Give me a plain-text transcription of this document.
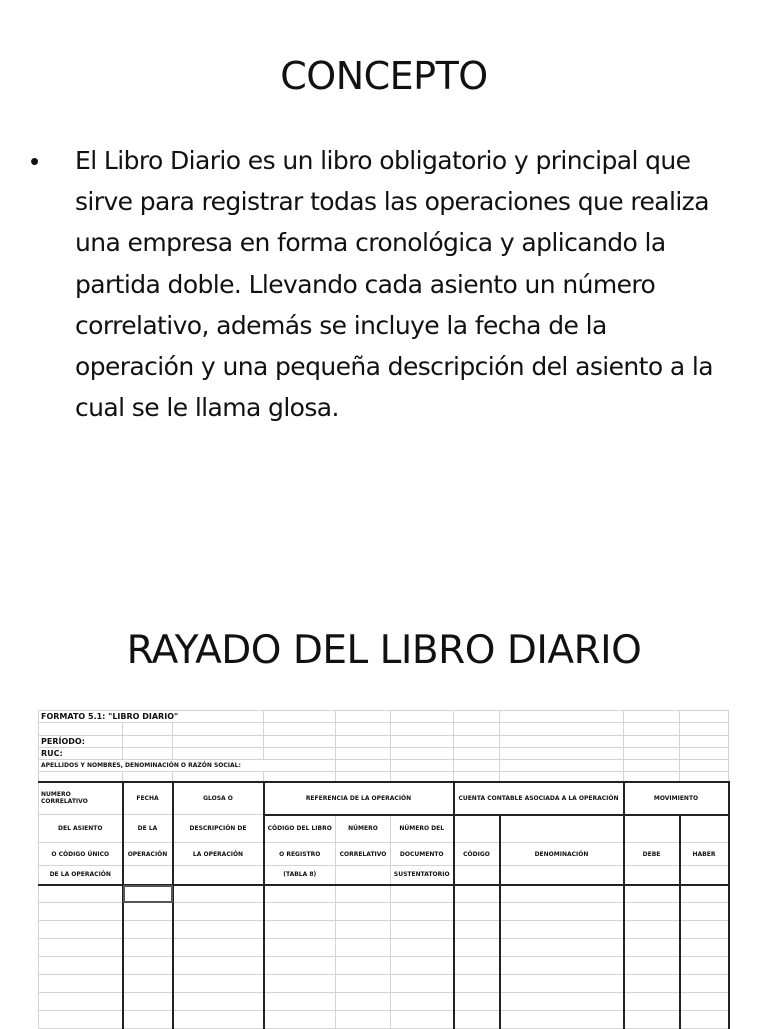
CONCEPTO
• El Libro Diario es un libro obligatorio y principal que sirve para registrar todas las operaciones que realiza una empresa en forma cronológica y aplicando la partida doble. Llevando cada asiento un número correlativo, además se incluye la fecha de la operación y una pequeña descripción del asiento a la cual se le llama glosa.
RAYADO DEL LIBRO DIARIO
FORMATO 5.1: "LIBRO DIARIO"									

PERÍODO:									
RUC:									
APELLIDOS Y NOMBRES, DENOMINACIÓN O RAZÓN SOCIAL:									

NUMERO CORRELATIVO	FECHA	GLOSA O	REFERENCIA DE LA OPERACIÓN			CUENTA CONTABLE ASOCIADA A LA OPERACIÓN		MOVIMIENTO	
DEL ASIENTO	DE LA	DESCRIPCIÓN DE	CÓDIGO DEL LIBRO	NÚMERO	NÚMERO DEL				
O CÓDIGO ÚNICO	OPERACIÓN	LA OPERACIÓN	O REGISTRO	CORRELATIVO	DOCUMENTO	CÓDIGO	DENOMINACIÓN	DEBE	HABER
DE LA OPERACIÓN			(TABLA 8)		SUSTENTATORIO				
